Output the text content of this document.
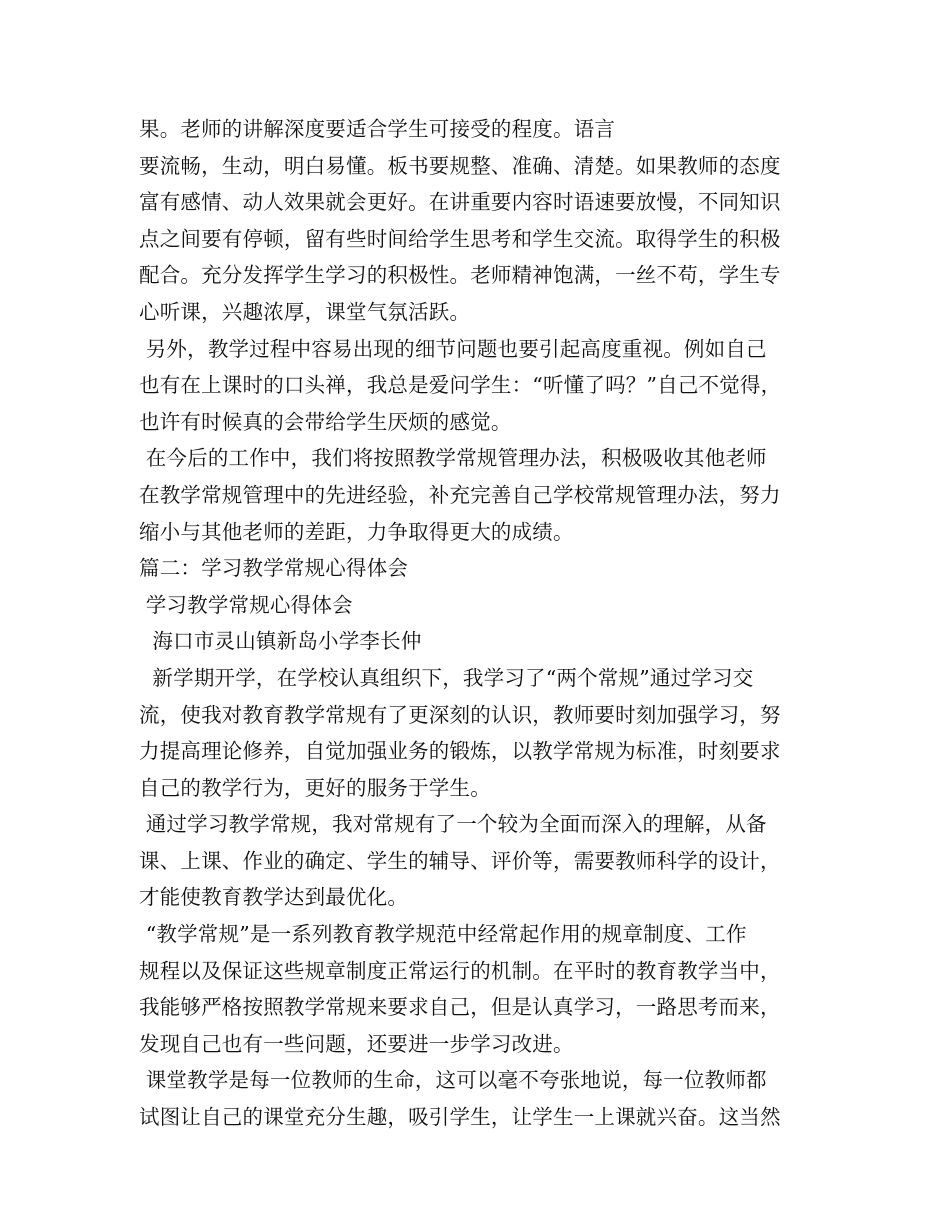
果。老师的讲解深度要适合学生可接受的程度。语言
要流畅，生动，明白易懂。板书要规整、准确、清楚。如果教师的态度
富有感情、动人效果就会更好。在讲重要内容时语速要放慢，不同知识
点之间要有停顿，留有些时间给学生思考和学生交流。取得学生的积极
配合。充分发挥学生学习的积极性。老师精神饱满，一丝不苟，学生专
心听课，兴趣浓厚，课堂气氛活跃。
另外，教学过程中容易出现的细节问题也要引起高度重视。例如自己
也有在上课时的口头禅，我总是爱问学生：“听懂了吗？”自己不觉得，
也许有时候真的会带给学生厌烦的感觉。
在今后的工作中，我们将按照教学常规管理办法，积极吸收其他老师
在教学常规管理中的先进经验，补充完善自己学校常规管理办法，努力
缩小与其他老师的差距，力争取得更大的成绩。
篇二：学习教学常规心得体会
学习教学常规心得体会
海口市灵山镇新岛小学李长仲
新学期开学，在学校认真组织下，我学习了“两个常规”通过学习交
流，使我对教育教学常规有了更深刻的认识，教师要时刻加强学习，努
力提高理论修养，自觉加强业务的锻炼，以教学常规为标准，时刻要求
自己的教学行为，更好的服务于学生。
通过学习教学常规，我对常规有了一个较为全面而深入的理解，从备
课、上课、作业的确定、学生的辅导、评价等，需要教师科学的设计，
才能使教育教学达到最优化。
“教学常规”是一系列教育教学规范中经常起作用的规章制度、工作
规程以及保证这些规章制度正常运行的机制。在平时的教育教学当中，
我能够严格按照教学常规来要求自己，但是认真学习，一路思考而来，
发现自己也有一些问题，还要进一步学习改进。
课堂教学是每一位教师的生命，这可以毫不夸张地说，每一位教师都
试图让自己的课堂充分生趣，吸引学生，让学生一上课就兴奋。这当然
